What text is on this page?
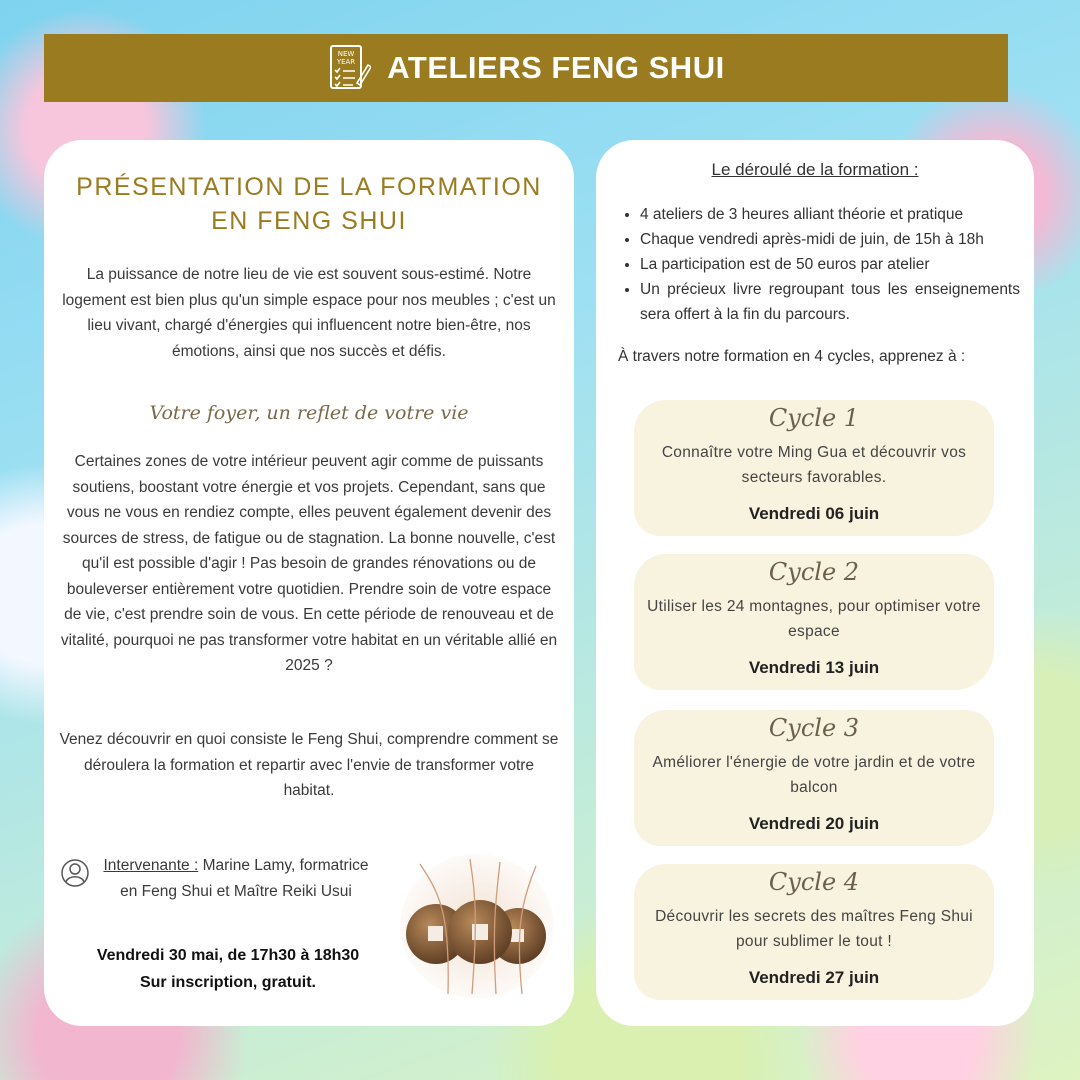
NEW
YEAR ATELIERS FENG SHUI
PRÉSENTATION DE LA FORMATION
EN FENG SHUI
La puissance de notre lieu de vie est souvent sous-estimé. Notre logement est bien plus qu'un simple espace pour nos meubles ; c'est un lieu vivant, chargé d'énergies qui influencent notre bien-être, nos émotions, ainsi que nos succès et défis.
Votre foyer, un reflet de votre vie
Certaines zones de votre intérieur peuvent agir comme de puissants soutiens, boostant votre énergie et vos projets. Cependant, sans que vous ne vous en rendiez compte, elles peuvent également devenir des sources de stress, de fatigue ou de stagnation. La bonne nouvelle, c'est qu'il est possible d'agir ! Pas besoin de grandes rénovations ou de bouleverser entièrement votre quotidien. Prendre soin de votre espace de vie, c'est prendre soin de vous. En cette période de renouveau et de vitalité, pourquoi ne pas transformer votre habitat en un véritable allié en 2025 ?
Venez découvrir en quoi consiste le Feng Shui, comprendre comment se déroulera la formation et repartir avec l'envie de transformer votre habitat.
Intervenante : Marine Lamy, formatrice en Feng Shui et Maître Reiki Usui
Vendredi 30 mai, de 17h30 à 18h30
Sur inscription, gratuit.
Le déroulé de la formation :
• 4 ateliers de 3 heures alliant théorie et pratique
• Chaque vendredi après-midi de juin, de 15h à 18h
• La participation est de 50 euros par atelier
• Un précieux livre regroupant tous les enseignements sera offert à la fin du parcours.
À travers notre formation en 4 cycles, apprenez à :
Cycle 1
Connaître votre Ming Gua et découvrir vos secteurs favorables.
Vendredi 06 juin
Cycle 2
Utiliser les 24 montagnes, pour optimiser votre espace
Vendredi 13 juin
Cycle 3
Améliorer l'énergie de votre jardin et de votre balcon
Vendredi 20 juin
Cycle 4
Découvrir les secrets des maîtres Feng Shui pour sublimer le tout !
Vendredi 27 juin
